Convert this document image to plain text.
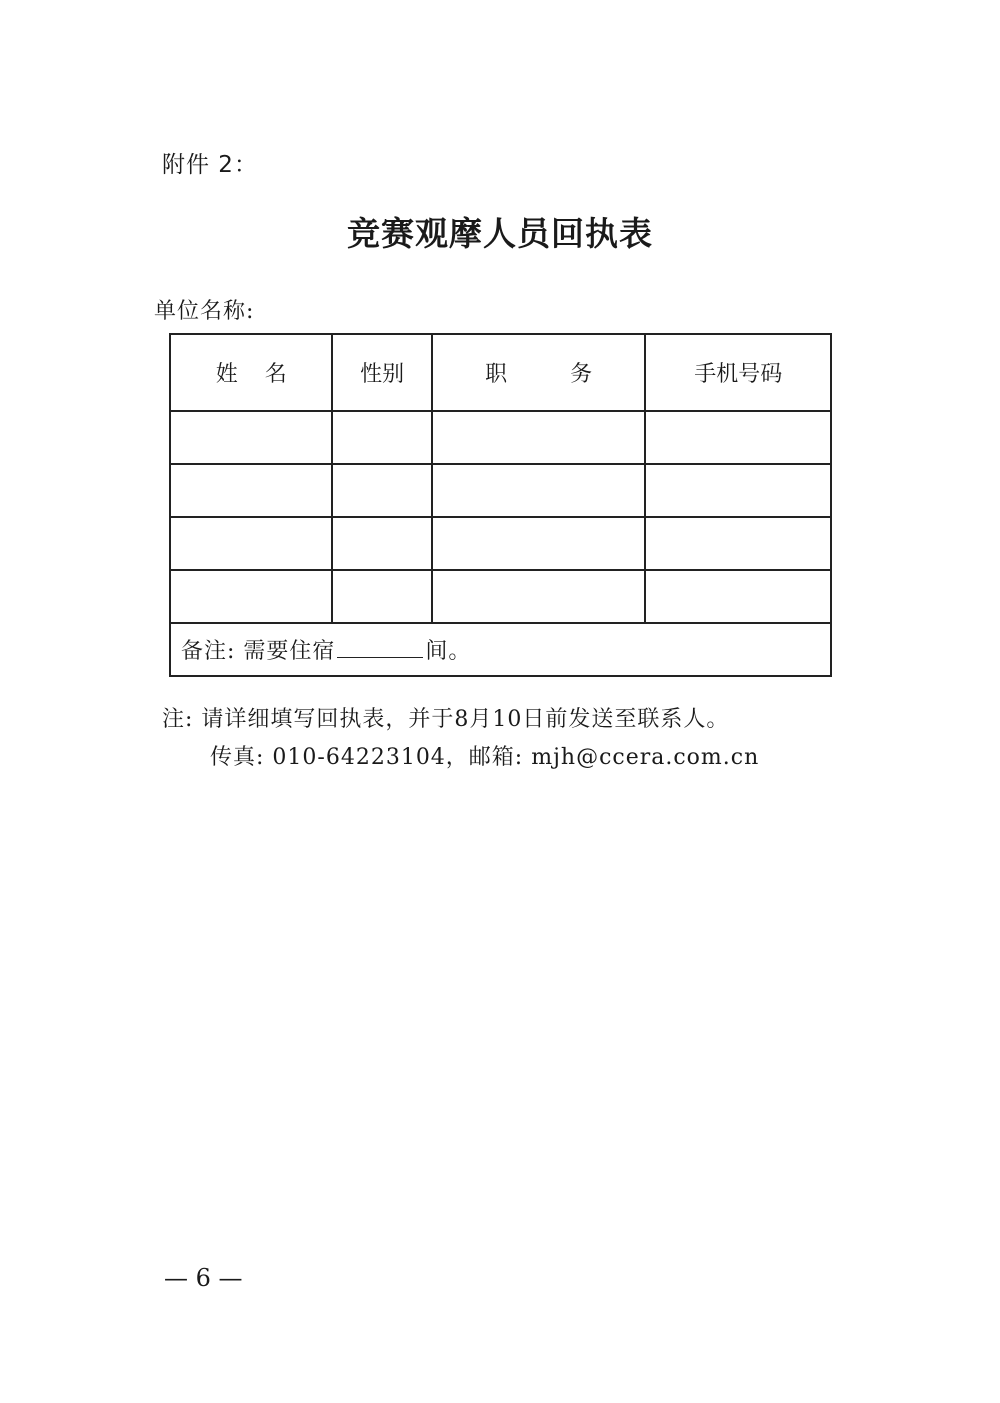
附件 2：
竞赛观摩人员回执表
单位名称:
姓 名	性别	职 务	手机号码

备注: 需要住宿 间。			
注: 请详细填写回执表，并于8月10日前发送至联系人。
传真: 010-64223104，邮箱: mjh@ccera.com.cn
— 6 —
